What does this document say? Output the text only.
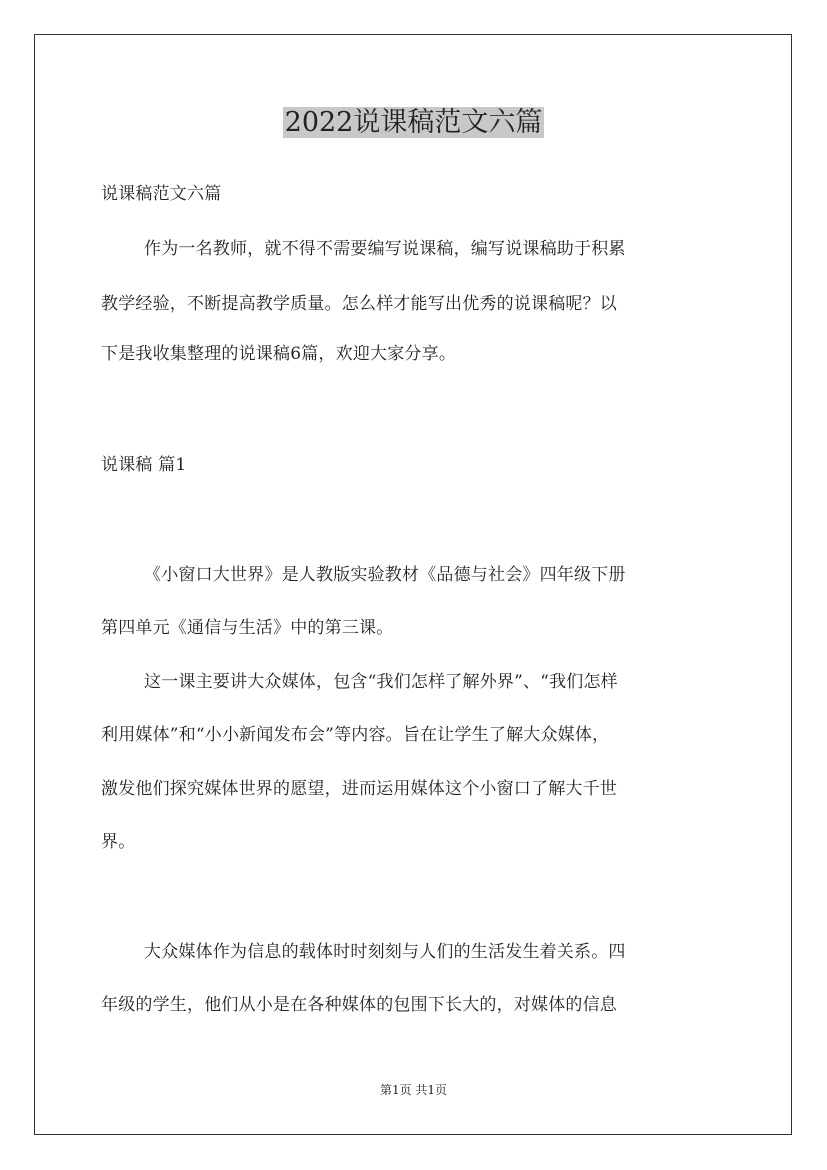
2022说课稿范文六篇
说课稿范文六篇
作为一名教师，就不得不需要编写说课稿，编写说课稿助于积累
教学经验，不断提高教学质量。怎么样才能写出优秀的说课稿呢？以
下是我收集整理的说课稿6篇，欢迎大家分享。
说课稿 篇1
《小窗口大世界》是人教版实验教材《品德与社会》四年级下册
第四单元《通信与生活》中的第三课。
这一课主要讲大众媒体，包含“我们怎样了解外界”、“我们怎样
利用媒体”和“小小新闻发布会”等内容。旨在让学生了解大众媒体，
激发他们探究媒体世界的愿望，进而运用媒体这个小窗口了解大千世
界。
大众媒体作为信息的载体时时刻刻与人们的生活发生着关系。四
年级的学生，他们从小是在各种媒体的包围下长大的，对媒体的信息
第1页 共1页
